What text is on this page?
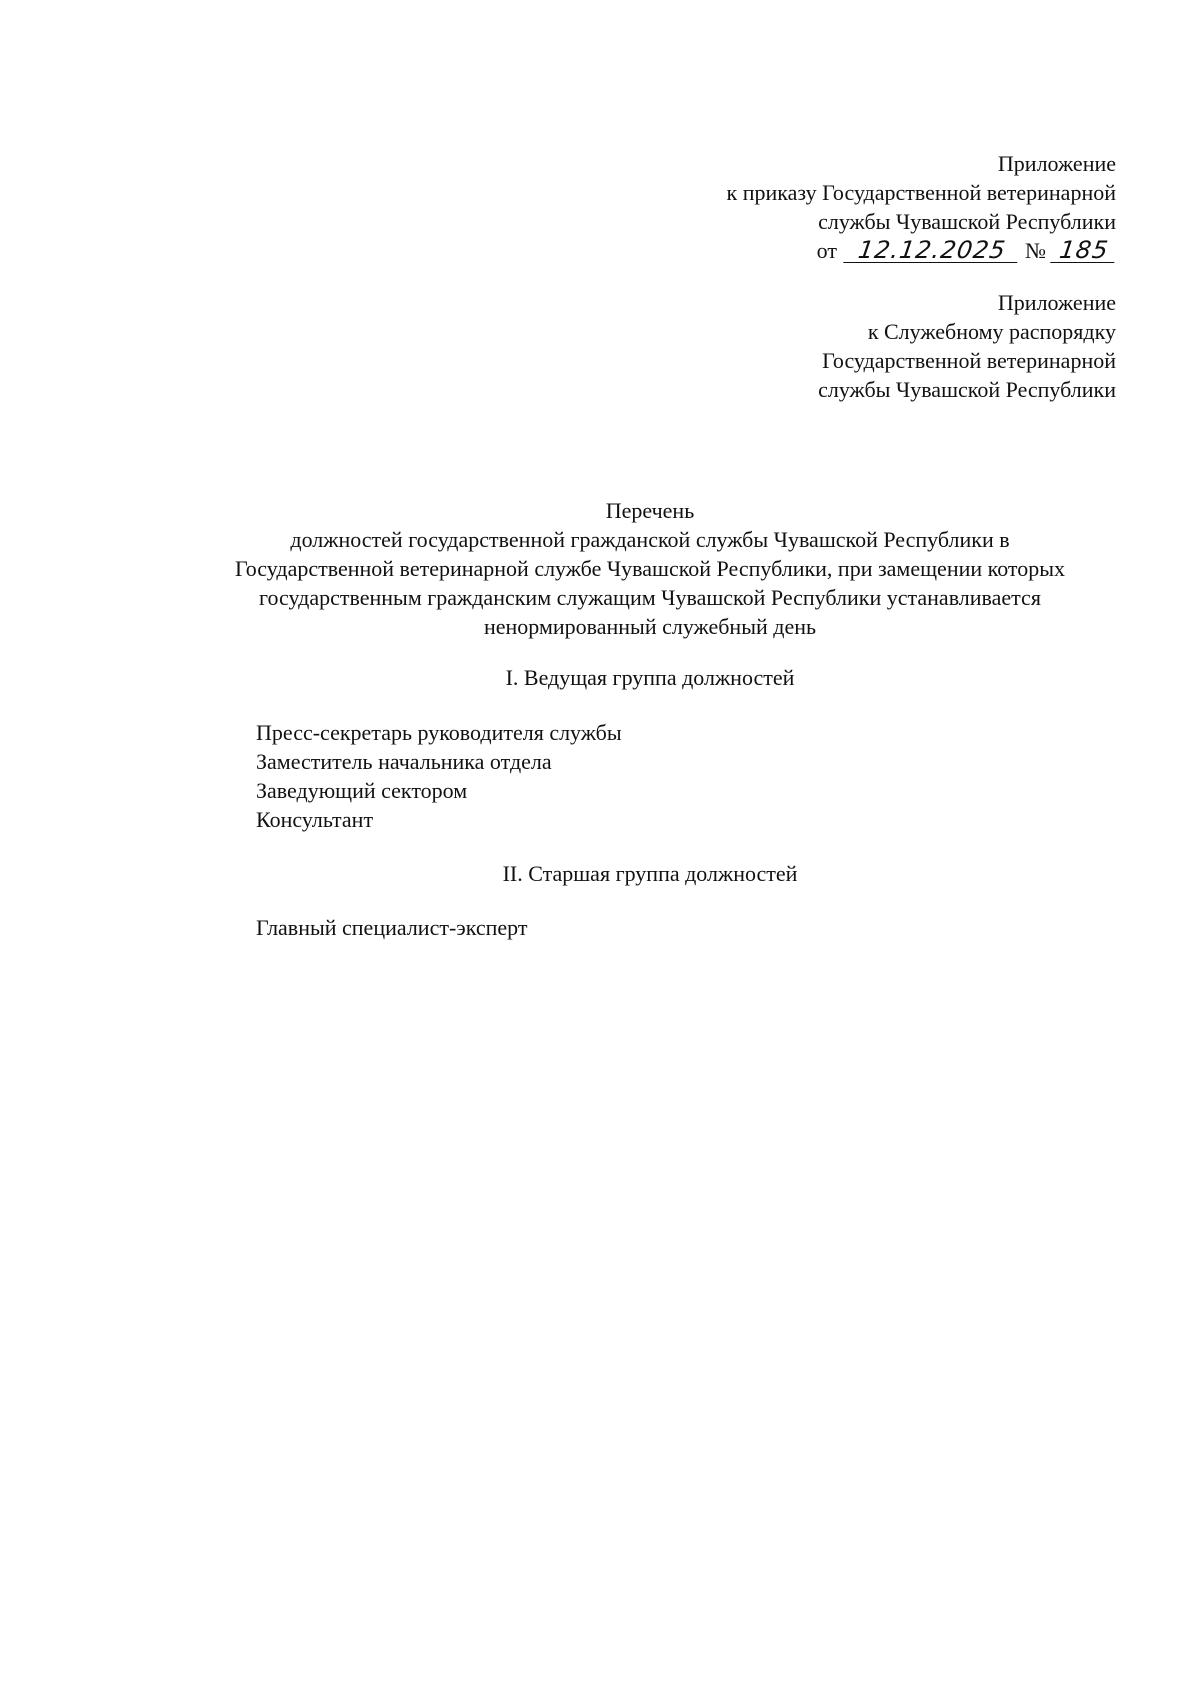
Приложение
к приказу Государственной ветеринарной
службы Чувашской Республики
от 12.12.2025 № 185
Приложение
к Служебному распорядку
Государственной ветеринарной
службы Чувашской Республики
Перечень
должностей государственной гражданской службы Чувашской Республики в
Государственной ветеринарной службе Чувашской Республики, при замещении которых
государственным гражданским служащим Чувашской Республики устанавливается
ненормированный служебный день
I. Ведущая группа должностей
Пресс-секретарь руководителя службы
Заместитель начальника отдела
Заведующий сектором
Консультант
II. Старшая группа должностей
Главный специалист-эксперт
